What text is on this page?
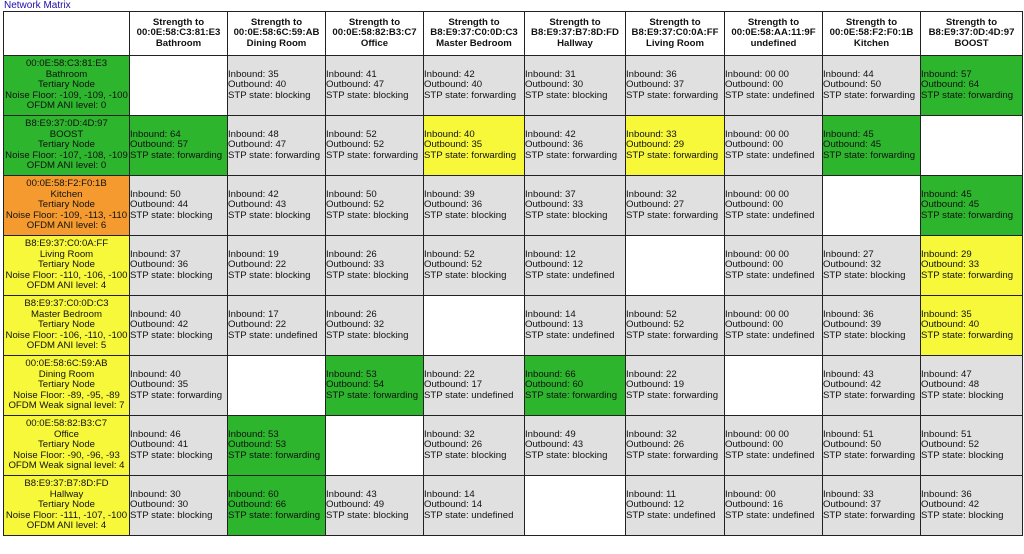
Network Matrix

	Strength to
00:0E:58:C3:81:E3
Bathroom	Strength to
00:0E:58:6C:59:AB
Dining Room	Strength to
00:0E:58:82:B3:C7
Office	Strength to
B8:E9:37:C0:0D:C3
Master Bedroom	Strength to
B8:E9:37:B7:8D:FD
Hallway	Strength to
B8:E9:37:C0:0A:FF
Living Room	Strength to
00:0E:58:AA:11:9F
undefined	Strength to
00:0E:58:F2:F0:1B
Kitchen	Strength to
B8:E9:37:0D:4D:97
BOOST

00:0E:58:C3:81:E3
Bathroom
Tertiary Node
Noise Floor: -109, -109, -100
OFDM ANI level: 0		Inbound: 35
Outbound: 40
STP state: blocking	Inbound: 41
Outbound: 47
STP state: blocking	Inbound: 42
Outbound: 40
STP state: forwarding	Inbound: 31
Outbound: 30
STP state: blocking	Inbound: 36
Outbound: 37
STP state: forwarding	Inbound: 00 00
Outbound: 00
STP state: undefined	Inbound: 44
Outbound: 50
STP state: forwarding	Inbound: 57
Outbound: 64
STP state: forwarding

B8:E9:37:0D:4D:97
BOOST
Tertiary Node
Noise Floor: -107, -108, -109
OFDM ANI level: 0	Inbound: 64
Outbound: 57
STP state: forwarding	Inbound: 48
Outbound: 47
STP state: forwarding	Inbound: 52
Outbound: 52
STP state: forwarding	Inbound: 40
Outbound: 35
STP state: forwarding	Inbound: 42
Outbound: 36
STP state: forwarding	Inbound: 33
Outbound: 29
STP state: forwarding	Inbound: 00 00
Outbound: 00
STP state: undefined	Inbound: 45
Outbound: 45
STP state: forwarding	

00:0E:58:F2:F0:1B
Kitchen
Tertiary Node
Noise Floor: -109, -113, -110
OFDM ANI level: 6	Inbound: 50
Outbound: 44
STP state: blocking	Inbound: 42
Outbound: 43
STP state: blocking	Inbound: 50
Outbound: 52
STP state: blocking	Inbound: 39
Outbound: 36
STP state: blocking	Inbound: 37
Outbound: 33
STP state: blocking	Inbound: 32
Outbound: 27
STP state: forwarding	Inbound: 00 00
Outbound: 00
STP state: undefined		Inbound: 45
Outbound: 45
STP state: forwarding

B8:E9:37:C0:0A:FF
Living Room
Tertiary Node
Noise Floor: -110, -106, -100
OFDM ANI level: 4	Inbound: 37
Outbound: 36
STP state: blocking	Inbound: 19
Outbound: 22
STP state: blocking	Inbound: 26
Outbound: 33
STP state: blocking	Inbound: 52
Outbound: 52
STP state: blocking	Inbound: 12
Outbound: 12
STP state: undefined		Inbound: 00 00
Outbound: 00
STP state: undefined	Inbound: 27
Outbound: 32
STP state: blocking	Inbound: 29
Outbound: 33
STP state: forwarding

B8:E9:37:C0:0D:C3
Master Bedroom
Tertiary Node
Noise Floor: -106, -110, -100
OFDM ANI level: 5	Inbound: 40
Outbound: 42
STP state: blocking	Inbound: 17
Outbound: 22
STP state: undefined	Inbound: 26
Outbound: 32
STP state: blocking		Inbound: 14
Outbound: 13
STP state: undefined	Inbound: 52
Outbound: 52
STP state: forwarding	Inbound: 00 00
Outbound: 00
STP state: undefined	Inbound: 36
Outbound: 39
STP state: blocking	Inbound: 35
Outbound: 40
STP state: forwarding

00:0E:58:6C:59:AB
Dining Room
Tertiary Node
Noise Floor: -89, -95, -89
OFDM Weak signal level: 7	Inbound: 40
Outbound: 35
STP state: forwarding		Inbound: 53
Outbound: 54
STP state: forwarding	Inbound: 22
Outbound: 17
STP state: undefined	Inbound: 66
Outbound: 60
STP state: forwarding	Inbound: 22
Outbound: 19
STP state: forwarding		Inbound: 43
Outbound: 42
STP state: forwarding	Inbound: 47
Outbound: 48
STP state: blocking

00:0E:58:82:B3:C7
Office
Tertiary Node
Noise Floor: -90, -96, -93
OFDM Weak signal level: 4	Inbound: 46
Outbound: 41
STP state: blocking	Inbound: 53
Outbound: 53
STP state: forwarding		Inbound: 32
Outbound: 26
STP state: blocking	Inbound: 49
Outbound: 43
STP state: blocking	Inbound: 32
Outbound: 26
STP state: forwarding	Inbound: 00 00
Outbound: 00
STP state: undefined	Inbound: 51
Outbound: 50
STP state: forwarding	Inbound: 51
Outbound: 52
STP state: blocking

B8:E9:37:B7:8D:FD
Hallway
Tertiary Node
Noise Floor: -111, -107, -100
OFDM ANI level: 4	Inbound: 30
Outbound: 30
STP state: blocking	Inbound: 60
Outbound: 66
STP state: forwarding	Inbound: 43
Outbound: 49
STP state: blocking	Inbound: 14
Outbound: 14
STP state: undefined		Inbound: 11
Outbound: 12
STP state: undefined	Inbound: 00
Outbound: 16
STP state: undefined	Inbound: 33
Outbound: 37
STP state: forwarding	Inbound: 36
Outbound: 42
STP state: blocking
